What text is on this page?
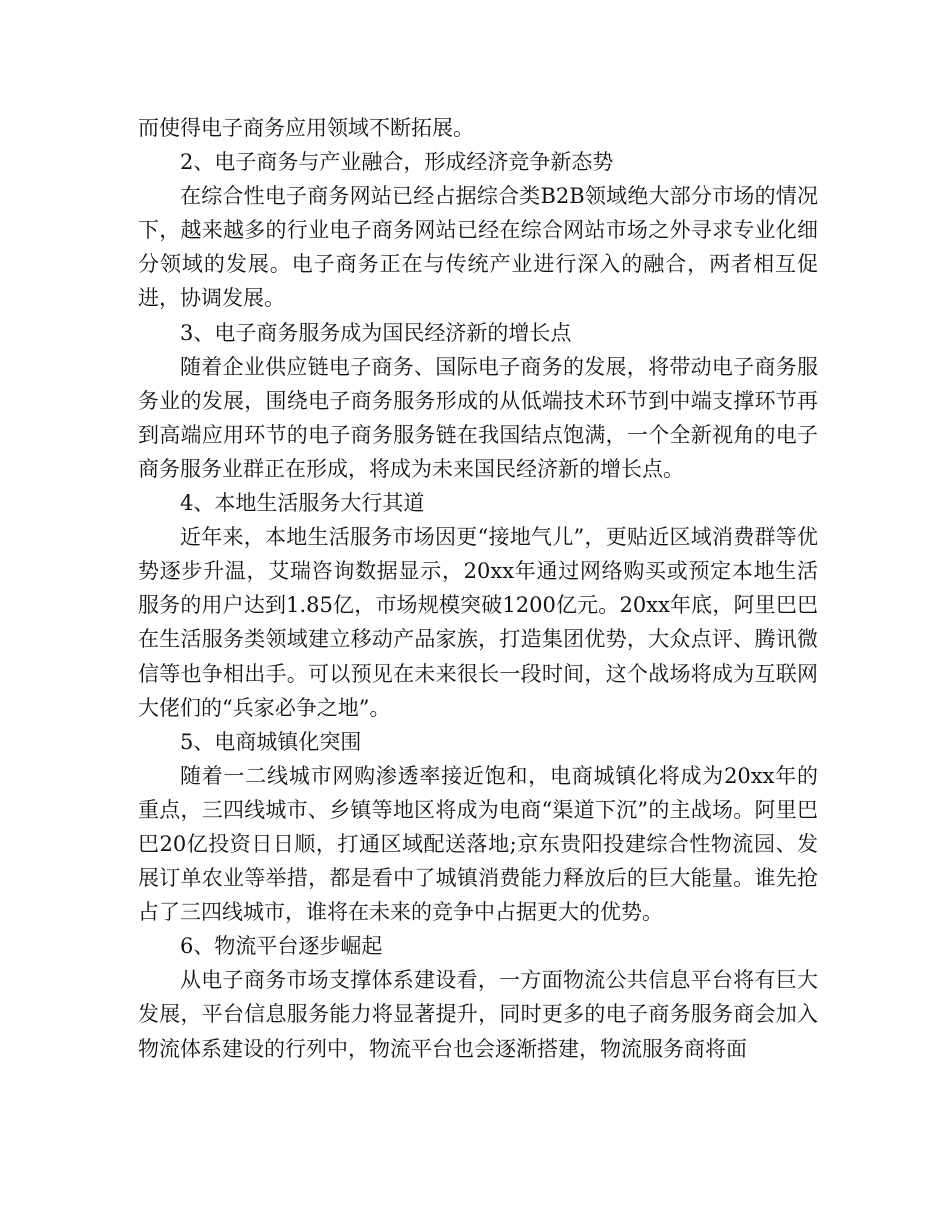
而使得电子商务应用领域不断拓展。

2、电子商务与产业融合，形成经济竞争新态势

在综合性电子商务网站已经占据综合类B2B领域绝大部分市场的情况下，越来越多的行业电子商务网站已经在综合网站市场之外寻求专业化细分领域的发展。电子商务正在与传统产业进行深入的融合，两者相互促进，协调发展。

3、电子商务服务成为国民经济新的增长点

随着企业供应链电子商务、国际电子商务的发展，将带动电子商务服务业的发展，围绕电子商务服务形成的从低端技术环节到中端支撑环节再到高端应用环节的电子商务服务链在我国结点饱满，一个全新视角的电子商务服务业群正在形成，将成为未来国民经济新的增长点。

4、本地生活服务大行其道

近年来，本地生活服务市场因更“接地气儿”，更贴近区域消费群等优势逐步升温，艾瑞咨询数据显示，20xx年通过网络购买或预定本地生活服务的用户达到1.85亿，市场规模突破1200亿元。20xx年底，阿里巴巴在生活服务类领域建立移动产品家族，打造集团优势，大众点评、腾讯微信等也争相出手。可以预见在未来很长一段时间，这个战场将成为互联网大佬们的“兵家必争之地”。

5、电商城镇化突围

随着一二线城市网购渗透率接近饱和，电商城镇化将成为20xx年的重点，三四线城市、乡镇等地区将成为电商“渠道下沉”的主战场。阿里巴巴20亿投资日日顺，打通区域配送落地;京东贵阳投建综合性物流园、发展订单农业等举措，都是看中了城镇消费能力释放后的巨大能量。谁先抢占了三四线城市，谁将在未来的竞争中占据更大的优势。

6、物流平台逐步崛起

从电子商务市场支撑体系建设看，一方面物流公共信息平台将有巨大发展，平台信息服务能力将显著提升，同时更多的电子商务服务商会加入物流体系建设的行列中，物流平台也会逐渐搭建，物流服务商将面
